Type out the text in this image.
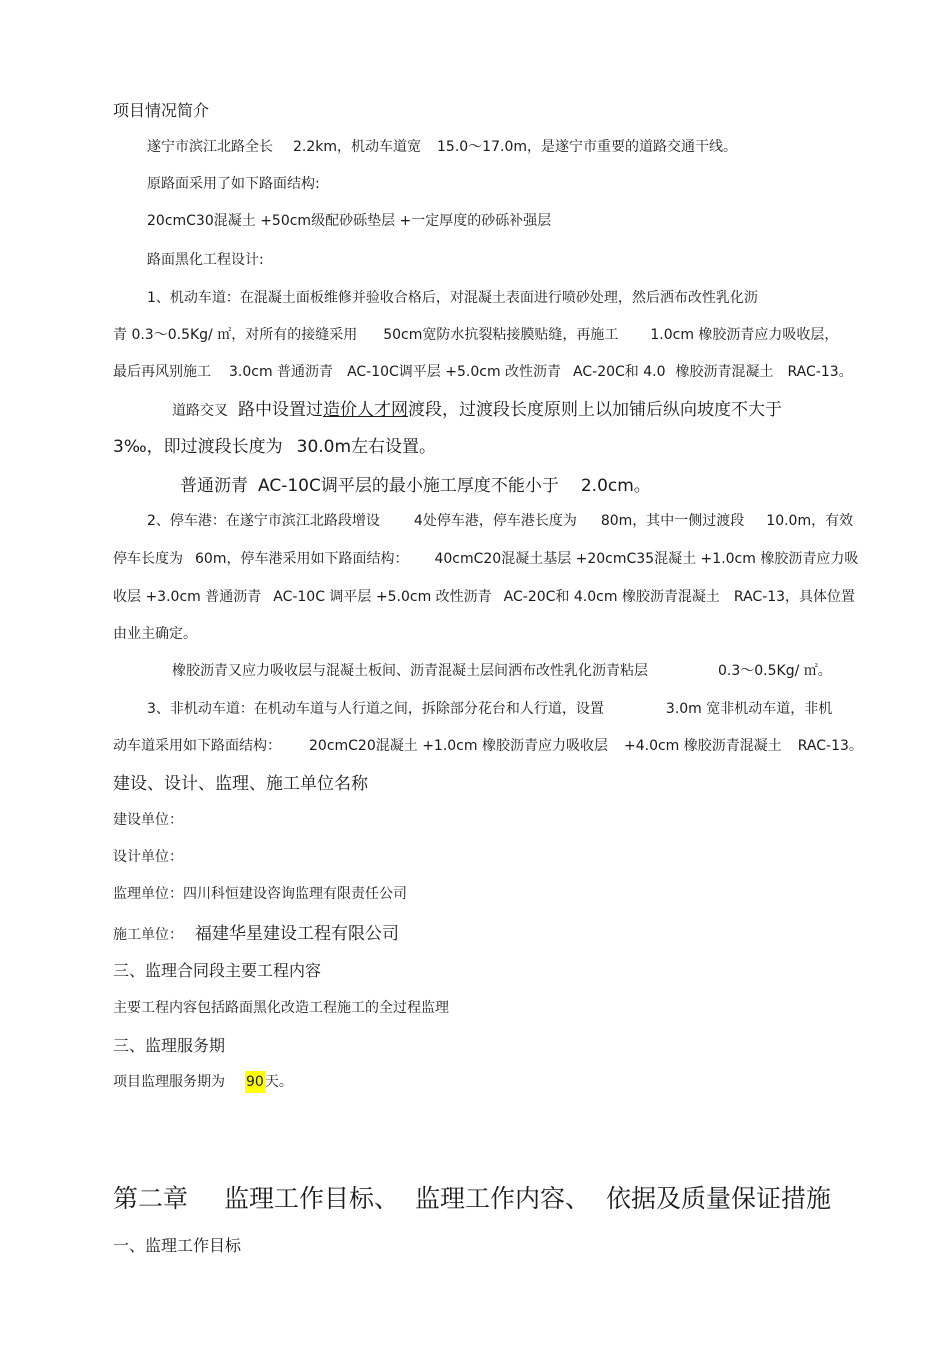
项目情况简介
遂宁市滨江北路全长 2.2km，机动车道宽 15.0～17.0m，是遂宁市重要的道路交通干线。
原路面采用了如下路面结构:
20cmC30混凝土 +50cm级配砂砾垫层 +一定厚度的砂砾补强层
路面黑化工程设计:
1、机动车道：在混凝土面板维修并验收合格后，对混凝土表面进行喷砂处理，然后洒布改性乳化沥
青 0.3～0.5Kg/ ㎡，对所有的接缝采用 50cm宽防水抗裂粘接膜贴缝，再施工 1.0cm 橡胶沥青应力吸收层，
最后再风别施工 3.0cm 普通沥青 AC-10C调平层 +5.0cm 改性沥青 AC-20C和 4.0 橡胶沥青混凝土 RAC-13。
道路交叉 路中设置过造价人才网渡段，过渡段长度原则上以加铺后纵向坡度不大于
3‰，即过渡段长度为 30.0m左右设置。
普通沥青 AC-10C调平层的最小施工厚度不能小于 2.0cm。
2、停车港：在遂宁市滨江北路段增设 4处停车港，停车港长度为 80m，其中一侧过渡段 10.0m，有效
停车长度为 60m，停车港采用如下路面结构： 40cmC20混凝土基层 +20cmC35混凝土 +1.0cm 橡胶沥青应力吸
收层 +3.0cm 普通沥青 AC-10C 调平层 +5.0cm 改性沥青 AC-20C和 4.0cm 橡胶沥青混凝土 RAC-13，具体位置
由业主确定。
橡胶沥青又应力吸收层与混凝土板间、沥青混凝土层间洒布改性乳化沥青粘层	0.3～0.5Kg/ ㎡。
3、非机动车道：在机动车道与人行道之间，拆除部分花台和人行道，设置	3.0m 宽非机动车道，非机
动车道采用如下路面结构： 20cmC20混凝土 +1.0cm 橡胶沥青应力吸收层 +4.0cm 橡胶沥青混凝土 RAC-13。
建设、设计、监理、施工单位名称
建设单位：
设计单位：
监理单位：四川科恒建设咨询监理有限责任公司
施工单位： 福建华星建设工程有限公司
三、监理合同段主要工程内容
主要工程内容包括路面黑化改造工程施工的全过程监理
三、监理服务期
项目监理服务期为 90天。
第二章 监理工作目标、 监理工作内容、 依据及质量保证措施
一、监理工作目标
